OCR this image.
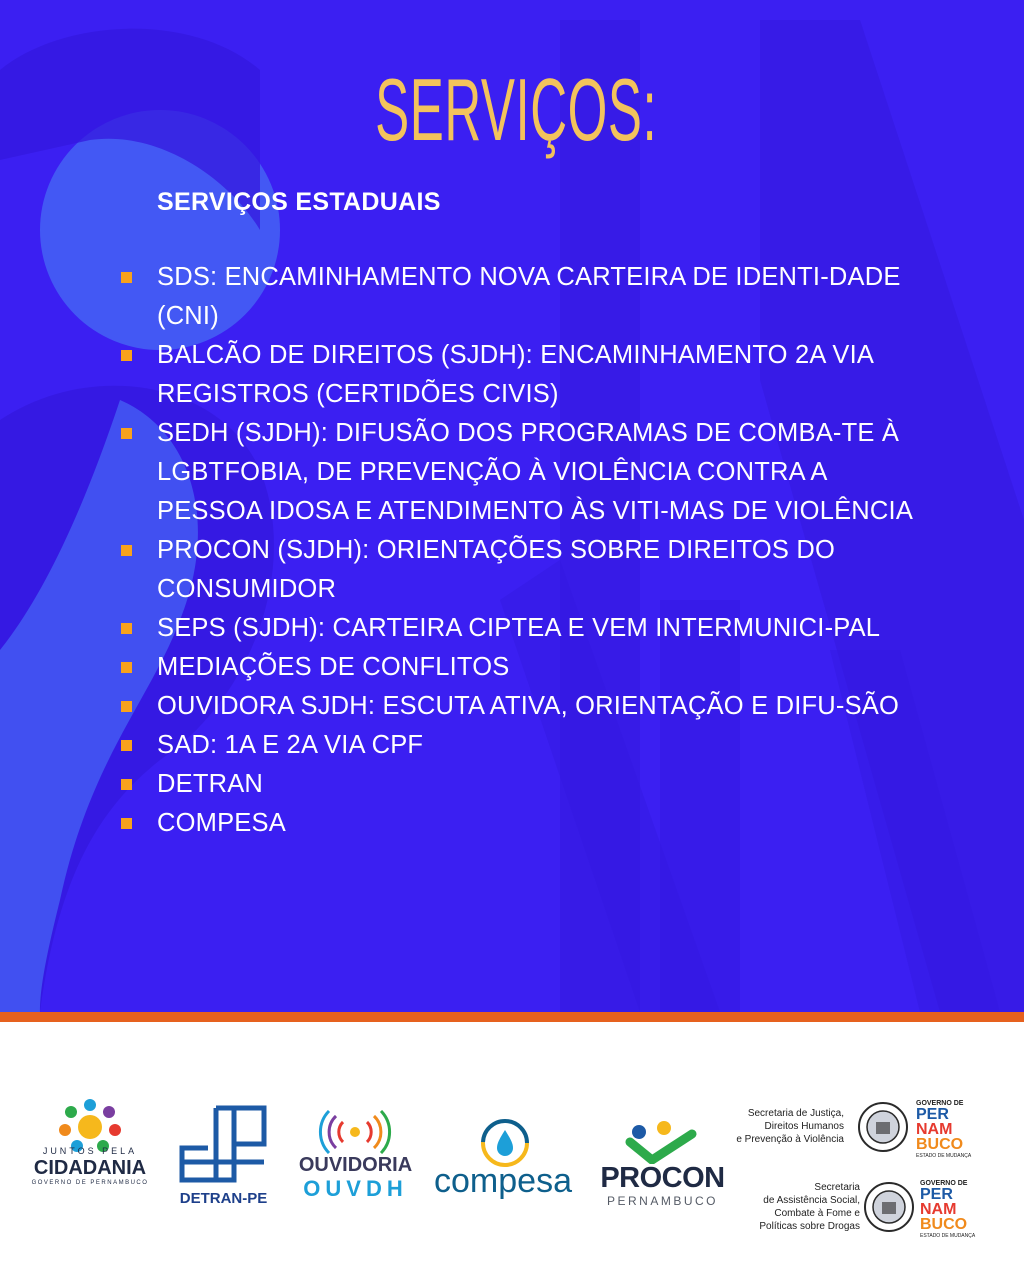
SERVIÇOS:
SERVIÇOS ESTADUAIS
SDS: ENCAMINHAMENTO NOVA CARTEIRA DE IDENTI-DADE (CNI)
BALCÃO DE DIREITOS (SJDH): ENCAMINHAMENTO 2A VIA REGISTROS (CERTIDÕES CIVIS)
SEDH (SJDH): DIFUSÃO DOS PROGRAMAS DE COMBA-TE À LGBTFOBIA, DE PREVENÇÃO À VIOLÊNCIA CONTRA A PESSOA IDOSA E ATENDIMENTO ÀS VITI-MAS DE VIOLÊNCIA
PROCON (SJDH): ORIENTAÇÕES SOBRE DIREITOS DO CONSUMIDOR
SEPS (SJDH): CARTEIRA CIPTEA E VEM INTERMUNICI-PAL
MEDIAÇÕES DE CONFLITOS
OUVIDORA SJDH: ESCUTA ATIVA, ORIENTAÇÃO E DIFU-SÃO
SAD: 1A E 2A VIA CPF
DETRAN
COMPESA
JUNTOS PELA
CIDADANIA
GOVERNO DE PERNAMBUCO
DETRAN-PE
OUVIDORIA
OUVDH compesa PROCON
PERNAMBUCO
Secretaria de Justiça,
Direitos Humanos
e Prevenção à Violência
GOVERNO DE
PER
NAM
BUCO
ESTADO DE MUDANÇA
Secretaria
de Assistência Social,
Combate à Fome e
Políticas sobre Drogas
GOVERNO DE
PER
NAM
BUCO
ESTADO DE MUDANÇA
